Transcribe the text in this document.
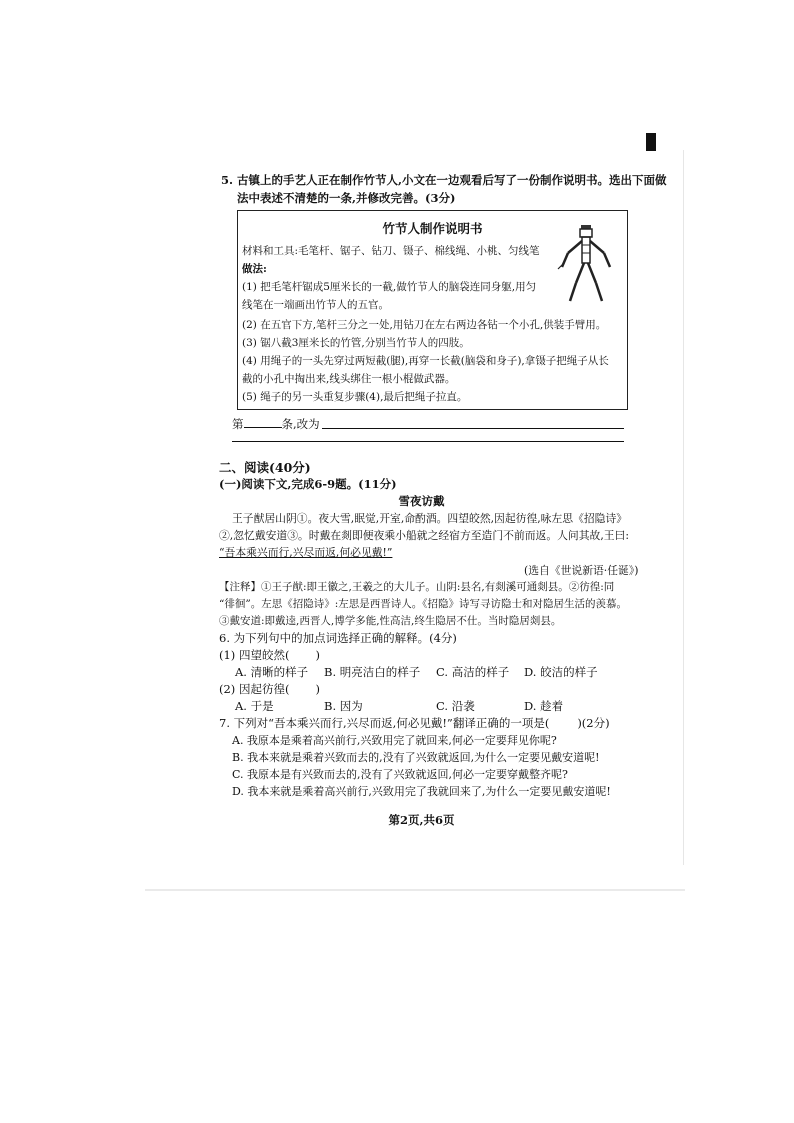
5. 古镇上的手艺人正在制作竹节人,小文在一边观看后写了一份制作说明书。选出下面做
法中表述不清楚的一条,并修改完善。(3分)
竹节人制作说明书
材料和工具:毛笔杆、锯子、钻刀、镊子、棉线绳、小桃、匀线笔
做法:
(1) 把毛笔杆锯成5厘米长的一截,做竹节人的脑袋连同身躯,用匀
线笔在一端画出竹节人的五官。
(2) 在五官下方,笔杆三分之一处,用钻刀在左右两边各钻一个小孔,供装手臂用。
(3) 锯八截3厘米长的竹管,分别当竹节人的四肢。
(4) 用绳子的一头先穿过两短截(腿),再穿一长截(脑袋和身子),拿镊子把绳子从长
截的小孔中掏出来,线头绑住一根小棍做武器。
(5) 绳子的另一头重复步骤(4),最后把绳子拉直。
第	条,改为
二、阅读(40分)
(一)阅读下文,完成6-9题。(11分)
雪夜访戴
王子猷居山阴①。夜大雪,眠觉,开室,命酌酒。四望皎然,因起彷徨,咏左思《招隐诗》
②,忽忆戴安道③。时戴在剡即便夜乘小船就之经宿方至造门不前而返。人问其故,王曰:
“吾本乘兴而行,兴尽而返,何必见戴!”
(选自《世说新语·任诞》)
【注释】①王子猷:即王徽之,王羲之的大儿子。山阴:县名,有剡溪可通剡县。②彷徨:同
“徘徊”。左思《招隐诗》:左思是西晋诗人。《招隐》诗写寻访隐士和对隐居生活的羡慕。
③戴安道:即戴逵,西晋人,博学多能,性高洁,终生隐居不仕。当时隐居剡县。
6. 为下列句中的加点词选择正确的解释。(4分)
(1) 四望皎然( )
A. 清晰的样子 B. 明亮洁白的样子 C. 高洁的样子 D. 皎洁的样子
(2) 因起彷徨( )
A. 于是	B. 因为	C. 沿袭	D. 趁着
7. 下列对“吾本乘兴而行,兴尽而返,何必见戴!”翻译正确的一项是( )(2分)
A. 我原本是乘着高兴前行,兴致用完了就回来,何必一定要拜见你呢?
B. 我本来就是乘着兴致而去的,没有了兴致就返回,为什么一定要见戴安道呢!
C. 我原本是有兴致而去的,没有了兴致就返回,何必一定要穿戴整齐呢?
D. 我本来就是乘着高兴前行,兴致用完了我就回来了,为什么一定要见戴安道呢!
第2页,共6页
